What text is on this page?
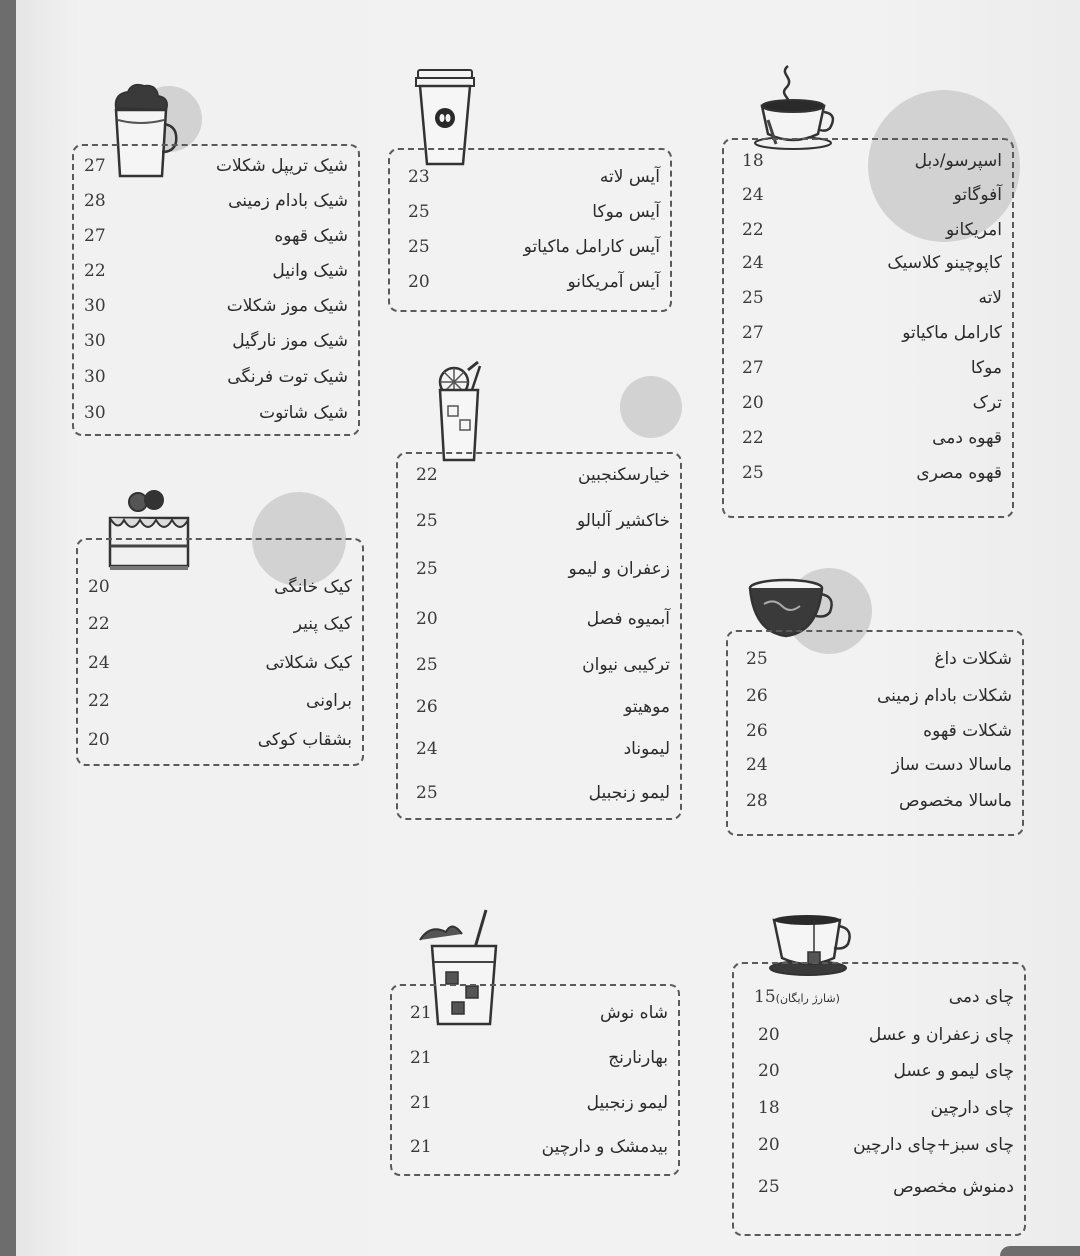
اسپرسو/دبل
18
آفوگاتو
24
امریکانو
22
کاپوچینو کلاسیک
24
لاته
25
کارامل ماکیاتو
27
موکا
27
ترک
20
قهوه دمی
22
قهوه مصری
25
آیس لاته
23
آیس موکا
25
آیس کارامل ماکیاتو
25
آیس آمریکانو
20
شیک تریپل شکلات
27
شیک بادام زمینی
28
شیک قهوه
27
شیک وانیل
22
شیک موز شکلات
30
شیک موز نارگیل
30
شیک توت فرنگی
30
شیک شاتوت
30
خیارسکنجبین
22
خاکشیر آلبالو
25
زعفران و لیمو
25
آبمیوه فصل
20
ترکیبی نیوان
25
موهیتو
26
لیموناد
24
لیمو زنجبیل
25
کیک خانگی
20
کیک پنیر
22
کیک شکلاتی
24
براونی
22
بشقاب کوکی
20
شکلات داغ
25
شکلات بادام زمینی
26
شکلات قهوه
26
ماسالا دست ساز
24
ماسالا مخصوص
28
چای دمی
15(شارژ رایگان)
چای زعفران و عسل
20
چای لیمو و عسل
20
چای دارچین
18
چای سبز+چای دارچین
20
دمنوش مخصوص
25
شاه نوش
21
بهارنارنج
21
لیمو زنجبیل
21
بیدمشک و دارچین
21
